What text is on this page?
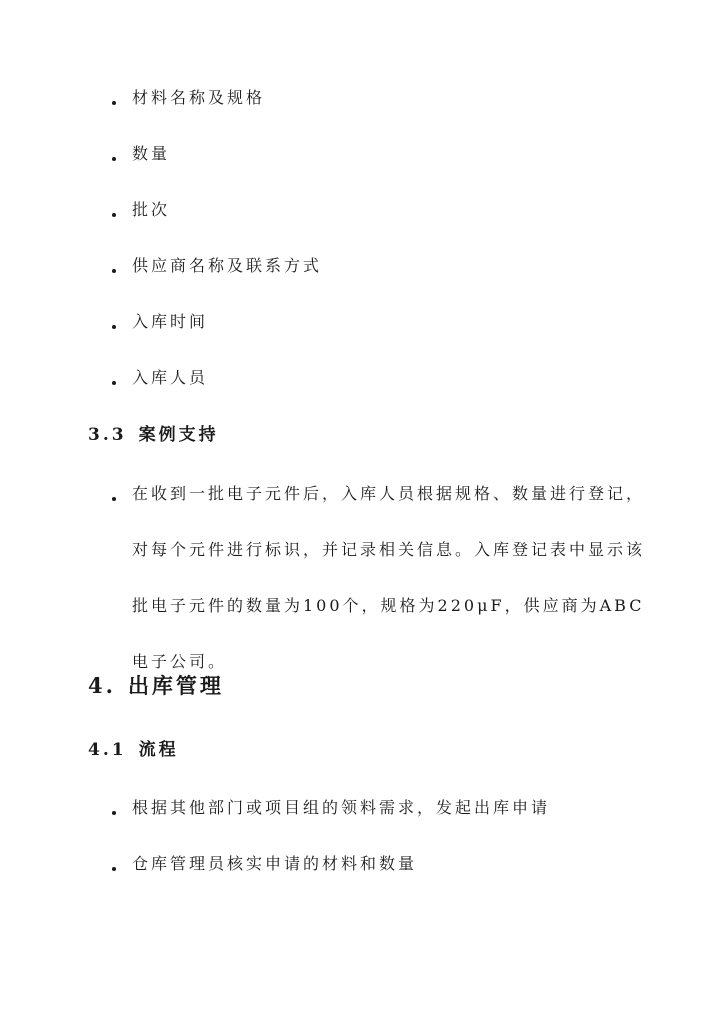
材料名称及规格
数量
批次
供应商名称及联系方式
入库时间
入库人员
3.3 案例支持
在收到一批电子元件后，入库人员根据规格、数量进行登记，对每个元件进行标识，并记录相关信息。入库登记表中显示该批电子元件的数量为100个，规格为220μF，供应商为ABC电子公司。
4. 出库管理
4.1 流程
根据其他部门或项目组的领料需求，发起出库申请
仓库管理员核实申请的材料和数量
